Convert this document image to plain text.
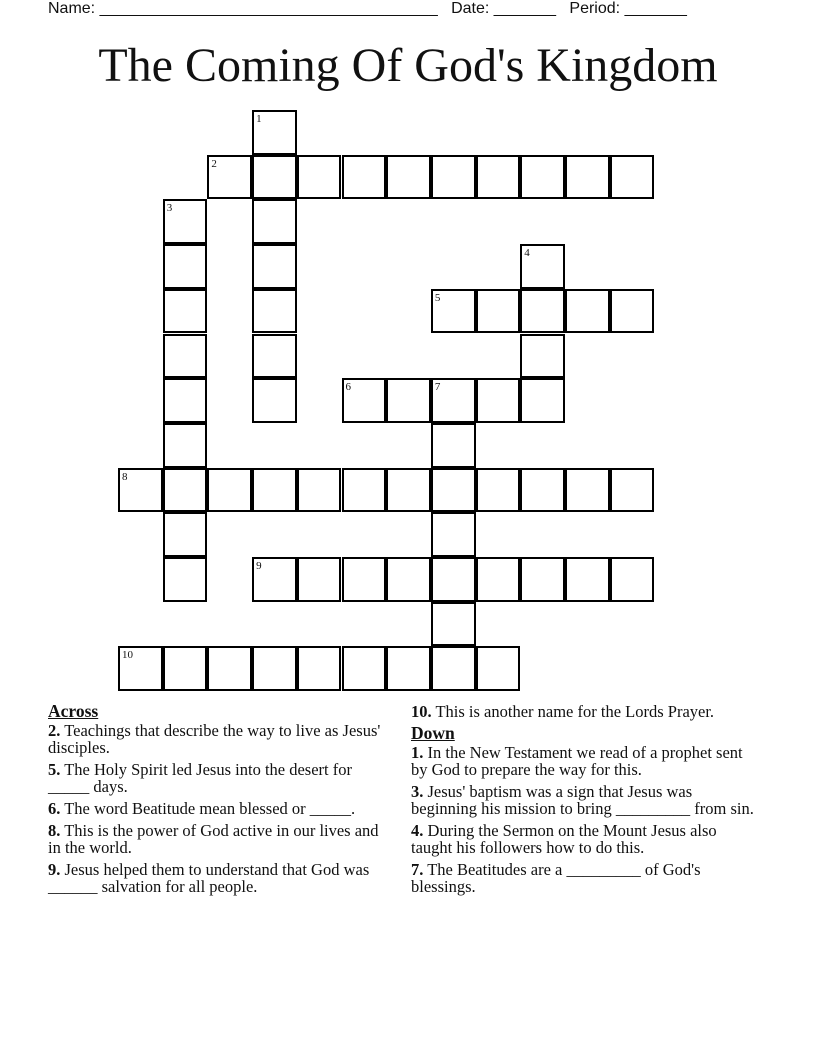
Name: ______________________________________ Date: _______ Period: _______
The Coming Of God's Kingdom
1
2
3
4
5
6	7
8
9
10
Across
2. Teachings that describe the way to live as Jesus' disciples.
5. The Holy Spirit led Jesus into the desert for _____ days.
6. The word Beatitude mean blessed or _____.
8. This is the power of God active in our lives and in the world.
9. Jesus helped them to understand that God was ______ salvation for all people.
10. This is another name for the Lords Prayer.
Down
1. In the New Testament we read of a prophet sent by God to prepare the way for this.
3. Jesus' baptism was a sign that Jesus was beginning his mission to bring _________ from sin.
4. During the Sermon on the Mount Jesus also taught his followers how to do this.
7. The Beatitudes are a _________ of God's blessings.
